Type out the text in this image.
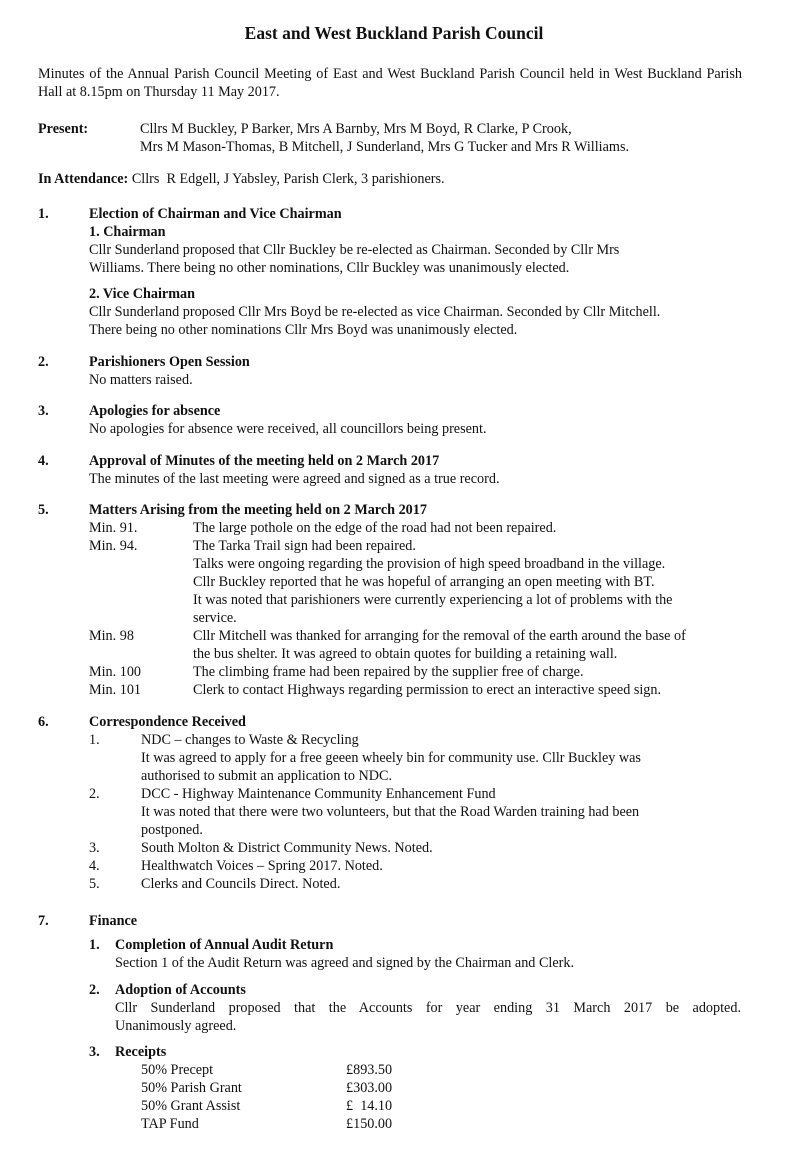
East and West Buckland Parish Council
Minutes of the Annual Parish Council Meeting of East and West Buckland Parish Council held in West Buckland Parish Hall at 8.15pm on Thursday 11 May 2017.
Present:	Cllrs M Buckley, P Barker, Mrs A Barnby, Mrs M Boyd, R Clarke, P Crook,
Mrs M Mason-Thomas, B Mitchell, J Sunderland, Mrs G Tucker and Mrs R Williams.
In Attendance: Cllrs  R Edgell, J Yabsley, Parish Clerk, 3 parishioners.
1.	Election of Chairman and Vice Chairman
1. Chairman
Cllr Sunderland proposed that Cllr Buckley be re-elected as Chairman. Seconded by Cllr Mrs
Williams. There being no other nominations, Cllr Buckley was unanimously elected.
2. Vice Chairman
Cllr Sunderland proposed Cllr Mrs Boyd be re-elected as vice Chairman. Seconded by Cllr Mitchell.
There being no other nominations Cllr Mrs Boyd was unanimously elected.
2.	Parishioners Open Session
No matters raised.
3.	Apologies for absence
No apologies for absence were received, all councillors being present.
4.	Approval of Minutes of the meeting held on 2 March 2017
The minutes of the last meeting were agreed and signed as a true record.
5.	Matters Arising from the meeting held on 2 March 2017
Min. 91.	The large pothole on the edge of the road had not been repaired.
Min. 94.	The Tarka Trail sign had been repaired.
Talks were ongoing regarding the provision of high speed broadband in the village.
Cllr Buckley reported that he was hopeful of arranging an open meeting with BT.
It was noted that parishioners were currently experiencing a lot of problems with the
service.
Min. 98	Cllr Mitchell was thanked for arranging for the removal of the earth around the base of
the bus shelter. It was agreed to obtain quotes for building a retaining wall.
Min. 100	The climbing frame had been repaired by the supplier free of charge.
Min. 101	Clerk to contact Highways regarding permission to erect an interactive speed sign.
6.	Correspondence Received
1.	NDC – changes to Waste & Recycling
It was agreed to apply for a free geeen wheely bin for community use. Cllr Buckley was
authorised to submit an application to NDC.
2.	DCC - Highway Maintenance Community Enhancement Fund
It was noted that there were two volunteers, but that the Road Warden training had been
postponed.
3.	South Molton & District Community News. Noted.
4.	Healthwatch Voices – Spring 2017. Noted.
5.	Clerks and Councils Direct. Noted.
7.	Finance
1. Completion of Annual Audit Return
Section 1 of the Audit Return was agreed and signed by the Chairman and Clerk.
2. Adoption of Accounts
Cllr Sunderland proposed that the Accounts for year ending 31 March 2017 be adopted.
Unanimously agreed.
3. Receipts
50% Precept	£893.50
50% Parish Grant	£303.00
50% Grant Assist	£  14.10
TAP Fund	£150.00
